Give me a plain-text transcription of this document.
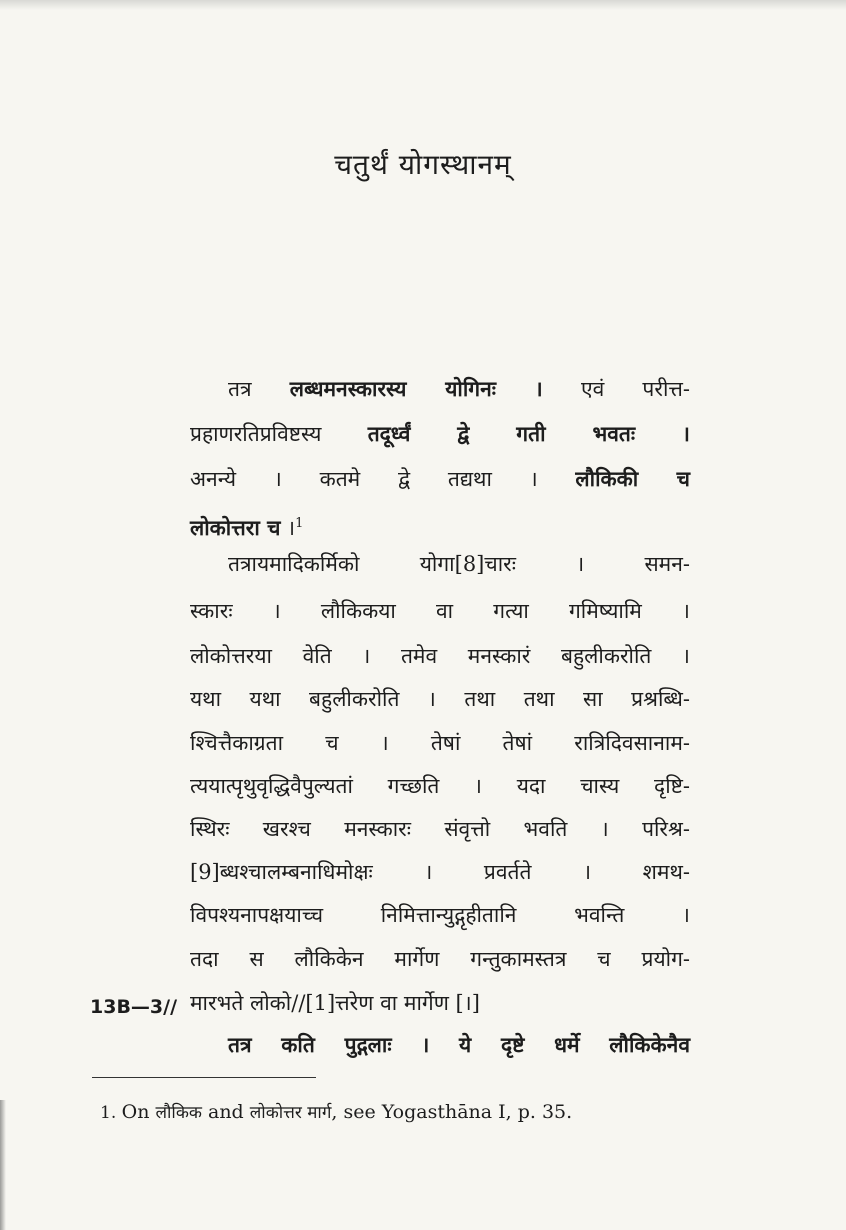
चतुर्थं योगस्थानम्
तत्र लब्धमनस्कारस्य योगिनः । एवं परीत्त-
प्रहाणरतिप्रविष्टस्य तदूर्ध्वं द्वे गती भवतः ।
अनन्ये । कतमे द्वे तद्यथा । लौकिकी च
लोकोत्तरा च ।$^1$
तत्रायमादिकर्मिको योगा[8]चारः । समन-
स्कारः । लौकिकया वा गत्या गमिष्यामि ।
लोकोत्तरया वेति । तमेव मनस्कारं बहुलीकरोति ।
यथा यथा बहुलीकरोति । तथा तथा सा प्रश्रब्धि-
श्चित्तैकाग्रता च । तेषां तेषां रात्रिदिवसानाम-
त्ययात्पृथुवृद्धिवैपुल्यतां गच्छति । यदा चास्य दृष्टि-
स्थिरः खरश्च मनस्कारः संवृत्तो भवति । परिश्र-
[9]ब्धश्चालम्बनाधिमोक्षः । प्रवर्तते । शमथ-
विपश्यनापक्षयाच्च निमित्तान्युद्गृहीतानि भवन्ति ।
तदा स लौकिकेन मार्गेण गन्तुकामस्तत्र च प्रयोग-
मारभते लोको//[1]त्तरेण वा मार्गेण [।]
तत्र कति पुद्गलाः । ये दृष्टे धर्मे लौकिकेनैव
13B—3//
1. On लौकिक and लोकोत्तर मार्ग, see Yogasthāna I, p. 35.
